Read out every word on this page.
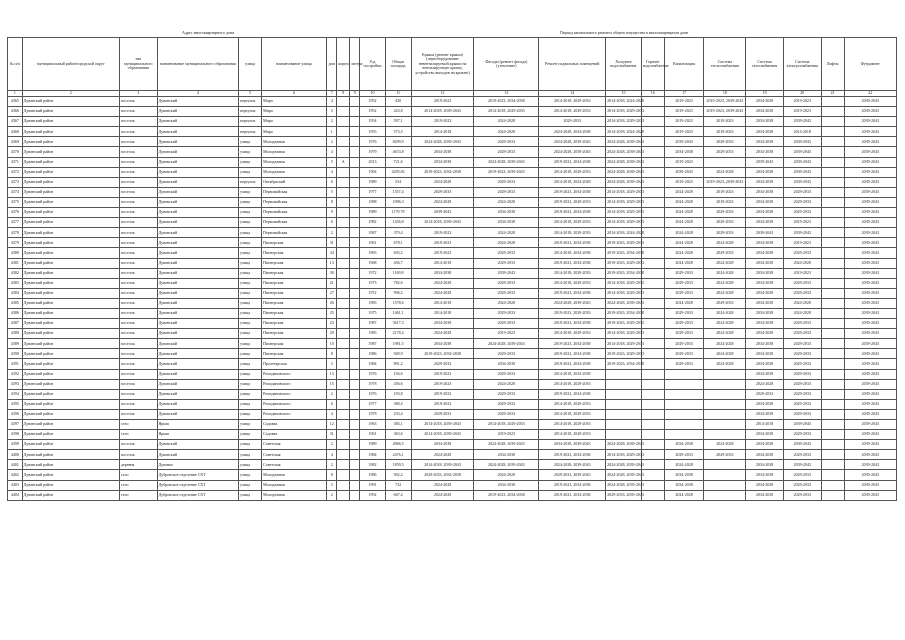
Адрес многоквартирного дома	Период капитального ремонта общего имущества в многоквартирном доме
№ п/п	муниципальный район/городской округ	тип муниципального образования	наименование муниципального образования	улица	наименование улицы	дом	корпус	литера	Год постройки	Общая площадь	Крыша (ремонт крыши) (переоборудование невентилируемой крыши на вентилируемую крышу, устройство выходов на кровлю)	Фасады (ремонт фасада) (утепление)	Ремонт подвальных помещений	Холодное водоснабжение	Горячее водоснабжение	Канализация	Система теплоснабжения	Система газоснабжения	Система электроснабжения	Лифты	Фундамент
1	2	3	4	5	6	7	8	9	10	11	12	13	14	15	16	17	18	19	20	21	22
4365	Дуванский район	поселок	Дуванский	переулок	Мира	4			1952	420	2019-2023	2019-2023, 2034-2038	2014-2018, 2029-2033	2014-2018, 2024-2028		2019-2023	2019-2023, 2039-2043	2034-2038	2019-2023		2039-2043
4366	Дуванский район	поселок	Дуванский	переулок	Мира	3			1952	423,8	2014-2018, 2039-2043	2014-2018, 2029-2033	2014-2018, 2029-2033	2014-2018, 2029-2033		2019-2023	2019-2023, 2039-2043	2034-2038	2019-2023		2039-2043
4367	Дуванский район	поселок	Дуванский	переулок	Мира	2			1954	597,1	2019-2023	2024-2028	2029-2033	2014-2018, 2029-2033		2019-2023	2019-2023	2034-2038	2039-2043		2039-2043
4368	Дуванский район	поселок	Дуванский	переулок	Мира	1			1955	573,5	2014-2018	2024-2028	2024-2028, 2034-2038	2014-2018, 2024-2028		2019-2023	2019-2023	2034-2038	2014-2018		2039-2043
4369	Дуванский район	поселок	Дуванский	улица	Молодежная	2			1976	8299,9	2024-2028, 2039-2043	2029-2033	2024-2028, 2039-2043	2024-2028, 2039-2043		2039-2043	2029-2033	2034-2038	2039-2043		2039-2043
4370	Дуванский район	поселок	Дуванский	улица	Молодежная	4			1979	4674,8	2034-2038	2029-2033	2024-2028, 2039-2043	2024-2028, 2039-2043		2034-2038	2029-2033	2034-2038	2039-2043		2039-2043
4371	Дуванский район	поселок	Дуванский	улица	Молодежная	5	А		2013	721,6	2034-2038	2024-2028, 2039-2043	2019-2023, 2034-2038	2024-2028, 2039-2043		2019-2023		2039-2043	2039-2043		2039-2043
4372	Дуванский район	поселок	Дуванский	улица	Молодежная	4			1994	4295,82	2019-2023, 2034-2038	2019-2023, 2039-2043	2014-2018, 2029-2033	2024-2028, 2039-2043		2039-2043	2024-2028	2034-2038	2039-2043		2039-2043
4373	Дуванский район	поселок	Дуванский	переулок	Октябрьский	6			1989	534	2024-2028	2029-2033	2014-2018, 2024-2028	2024-2028, 2039-2043		2019-2023	2019-2023, 2039-2043	2034-2038	2039-2043		2039-2043
4374	Дуванский район	поселок	Дуванский	улица	Первомайская	5			1977	1557,4	2029-2033	2029-2033	2019-2023, 2034-2038	2014-2018, 2029-2033		2024-2028	2019-2023	2034-2038	2029-2033		2039-2043
4375	Дуванский район	поселок	Дуванский	улица	Первомайская	8			1988	1096,3	2024-2028	2024-2028	2019-2023, 2029-2033	2014-2018, 2029-2033		2024-2028	2019-2023	2034-2038	2029-2033		2039-2043
4376	Дуванский район	поселок	Дуванский	улица	Первомайская	9			1989	1179,78	2039-2043	2034-2038	2019-2023, 2034-2038	2014-2018, 2029-2033		2024-2028	2029-2033	2034-2038	2029-2033		2039-2043
4377	Дуванский район	поселок	Дуванский	улица	Первомайская	6			1982	1456,8	2014-2018, 2039-2043	2034-2038	2014-2018, 2029-2033	2014-2018, 2029-2033		2024-2028	2029-2033	2034-2038	2019-2023		2039-2043
4378	Дуванский район	поселок	Дуванский	улица	Первомайская	2			1987	379,4	2019-2023	2024-2028	2014-2018, 2029-2033	2014-2018, 2024-2028		2024-2028	2029-2033	2039-2043	2039-2043		2039-2043
4379	Дуванский район	поселок	Дуванский	улица	Пионерская	31			1961	678,1	2019-2023	2024-2028	2019-2023, 2034-2038	2019-2023, 2029-2033		2024-2028	2024-2028	2034-2038	2019-2023		2039-2043
4380	Дуванский район	поселок	Дуванский	улица	Пионерская	34			1965	603,2	2019-2023	2029-2033	2014-2018, 2034-2038	2019-2023, 2034-2038		2024-2028	2029-2033	2034-2038	2029-2033		2039-2043
4381	Дуванский район	поселок	Дуванский	улица	Пионерская	13			1968	456,7	2014-2018	2029-2033	2019-2023, 2034-2038	2019-2023, 2029-2033		2024-2028	2024-2028	2034-2038	2024-2028		2039-2043
4382	Дуванский район	поселок	Дуванский	улица	Пионерская	30			1972	1169,8	2034-2038	2039-2043	2014-2018, 2029-2033	2019-2023, 2034-2038		2029-2033	2024-2028	2034-2038	2019-2023		2039-2043
4383	Дуванский район	поселок	Дуванский	улица	Пионерская	21			1973	782,6	2024-2028	2029-2033	2014-2018, 2029-2033	2014-2018, 2029-2033		2029-2033	2024-2028	2034-2038	2029-2033		2039-2043
4384	Дуванский район	поселок	Дуванский	улица	Пионерская	27			1972	996,2	2024-2028	2029-2033	2019-2023, 2034-2038	2014-2018, 2029-2033		2029-2033	2024-2028	2034-2038	2029-2033		2039-2043
4385	Дуванский район	поселок	Дуванский	улица	Пионерская	26			1983	1578,6	2014-2018	2024-2028	2024-2028, 2039-2043	2024-2028, 2039-2043		2024-2028	2029-2033	2034-2038	2024-2028		2039-2043
4386	Дуванский район	поселок	Дуванский	улица	Пионерская	25			1975	1461,1	2014-2018	2029-2033	2019-2023, 2029-2033	2019-2023, 2034-2038		2029-2033	2024-2028	2034-2038	2024-2028		2039-2043
4387	Дуванский район	поселок	Дуванский	улица	Пионерская	23			1987	3617,3	2034-2038	2029-2033	2019-2023, 2034-2038	2019-2023, 2029-2033		2029-2033	2024-2028	2034-2038	2029-2033		2039-2043
4388	Дуванский район	поселок	Дуванский	улица	Пионерская	29			1985	2178,4	2024-2028	2019-2023	2014-2018, 2029-2033	2014-2018, 2029-2033		2029-2033	2024-2028	2034-2038	2029-2033		2039-2043
4389	Дуванский район	поселок	Дуванский	улица	Пионерская	10			1987	1981,5	2034-2038	2024-2028, 2039-2043	2019-2023, 2034-2038	2014-2018, 2029-2033		2029-2033	2024-2028	2034-2038	2029-2033		2039-2043
4390	Дуванский район	поселок	Дуванский	улица	Пионерская	8			1986	949,9	2019-2023, 2034-2038	2029-2033	2019-2023, 2034-2038	2019-2023, 2029-2033		2029-2033	2024-2028	2034-2038	2029-2033		2039-2043
4391	Дуванский район	поселок	Дуванский	улица	Пролетарская	3			1984	891,2	2029-2033	2034-2038	2019-2023, 2034-2038	2019-2023, 2034-2038		2029-2033	2024-2028	2034-2038	2029-2033		2039-2043
4392	Дуванский район	поселок	Дуванский	улица	Ромодановского	13			1976	194,6	2019-2023	2029-2033	2014-2018, 2034-2038					2034-2038	2029-2033		2039-2043
4393	Дуванский район	поселок	Дуванский	улица	Ромодановского	15			1978	456,6	2019-2023	2024-2028	2014-2018, 2029-2033					2024-2028	2029-2033		2039-2043
4394	Дуванский район	поселок	Дуванский	улица	Ромодановского	2			1976	193,8	2019-2023	2029-2033	2019-2023, 2034-2038					2029-2033	2029-2033		2039-2043
4395	Дуванский район	поселок	Дуванский	улица	Ромодановского	6			1977	380,4	2019-2023	2029-2033	2014-2018, 2029-2033					2034-2038	2029-2033		2039-2043
4396	Дуванский район	поселок	Дуванский	улица	Ромодановского	4			1978	233,4	2029-2033	2029-2033	2014-2018, 2029-2033					2034-2038	2029-2033		2039-2043
4397	Дуванский район	село	Ярыш	улица	Садовая	12			1963	383,1	2014-2018, 2039-2043	2014-2018, 2029-2033	2014-2018, 2029-2033					2014-2018	2039-2043		2039-2043
4398	Дуванский район	село	Ярыш	улица	Садовая	31			1961	363,6	2014-2018, 2039-2043	2019-2023	2014-2018, 2029-2033					2034-2038	2029-2033		2039-2043
4399	Дуванский район	поселок	Дуванский	улица	Советская	2			1989	4966,5	2034-2038	2024-2028, 2039-2043	2034-2038, 2039-2043	2024-2028, 2039-2043		2034-2038	2024-2028	2034-2038	2039-2043		2039-2043
4400	Дуванский район	поселок	Дуванский	улица	Советская	4			1984	2476,1	2024-2028	2034-2038	2019-2023, 2034-2038	2014-2018, 2029-2033		2029-2033	2029-2033	2034-2038	2029-2033		2039-2043
4401	Дуванский район	деревня	Дуванка	улица	Советская	2			1982	1859,5	2014-2018, 2039-2043	2024-2028, 2039-2043	2024-2028, 2039-2043	2024-2028, 2039-2043		2024-2028		2034-2038	2039-2043		2039-2043
4402	Дуванский район	село	Дубровское отделение СХТ	улица	Молодежная	8			1986	902,2	2029-2033, 2034-2038	2024-2028	2029-2033, 2039-2043	2024-2028, 2039-2043		2034-2038		2034-2038	2029-2033		2039-2043
4403	Дуванский район	село	Дубровское отделение СХТ	улица	Молодежная	3			1991	732	2024-2028	2034-2038	2019-2023, 2034-2038	2024-2028, 2039-2043		2034-2038		2034-2038	2029-2033		2039-2043
4404	Дуванский район	село	Дубровское отделение СХТ	улица	Молодежная	2			1992	667,4	2024-2028	2019-2023, 2034-2038	2019-2023, 2034-2038	2029-2033, 2039-2043		2024-2028		2034-2038	2029-2033		2039-2043
